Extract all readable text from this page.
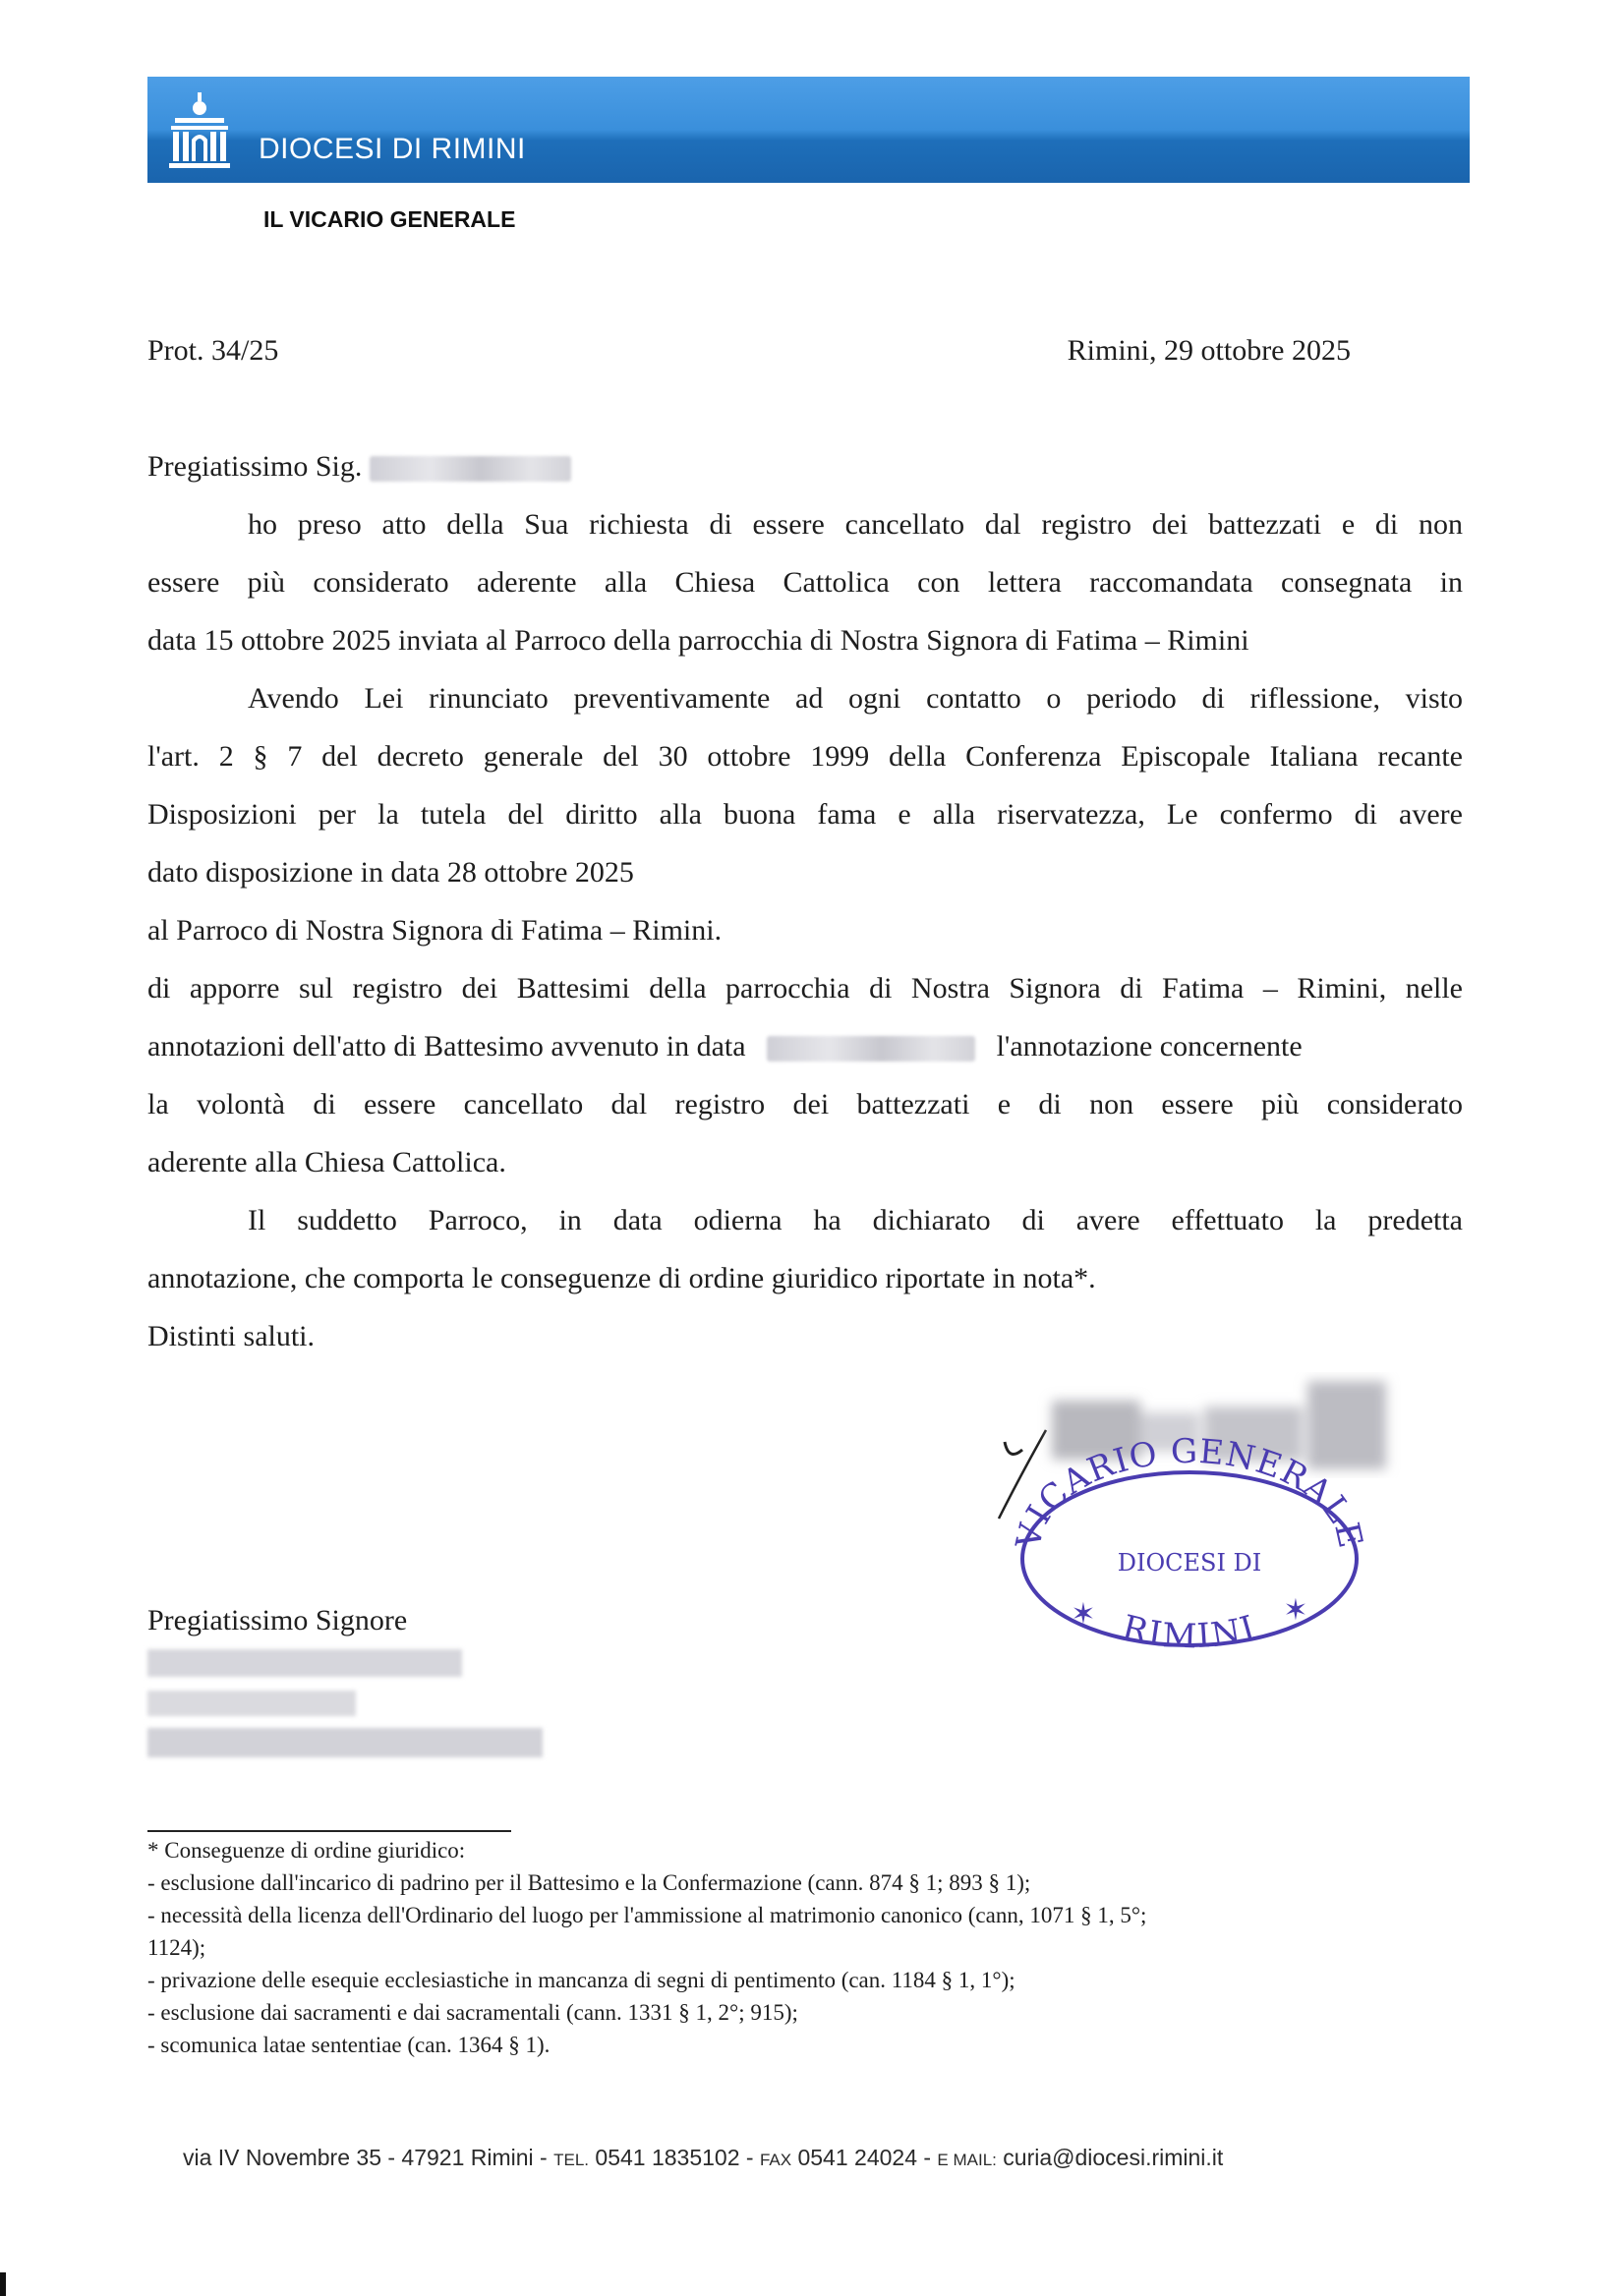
DIOCESI DI RIMINI
IL VICARIO GENERALE
Prot. 34/25	Rimini, 29 ottobre 2025
Pregiatissimo Sig.
ho preso atto della Sua richiesta di essere cancellato dal registro dei battezzati e di non
essere più considerato aderente alla Chiesa Cattolica con lettera raccomandata consegnata in
data 15 ottobre 2025 inviata al Parroco della parrocchia di Nostra Signora di Fatima – Rimini
Avendo Lei rinunciato preventivamente ad ogni contatto o periodo di riflessione, visto
l'art. 2 § 7 del decreto generale del 30 ottobre 1999 della Conferenza Episcopale Italiana recante
Disposizioni per la tutela del diritto alla buona fama e alla riservatezza, Le confermo di avere
dato disposizione in data 28 ottobre 2025
al Parroco di Nostra Signora di Fatima – Rimini.
di apporre sul registro dei Battesimi della parrocchia di Nostra Signora di Fatima – Rimini, nelle
annotazioni dell'atto di Battesimo avvenuto in data	l'annotazione concernente
la volontà di essere cancellato dal registro dei battezzati e di non essere più considerato
aderente alla Chiesa Cattolica.
Il suddetto Parroco, in data odierna ha dichiarato di avere effettuato la predetta
annotazione, che comporta le conseguenze di ordine giuridico riportate in nota*.
Distinti saluti.
VICARIO GENERALE
DIOCESI DI
RIMINI
✶	✶
Pregiatissimo Signore
* Conseguenze di ordine giuridico:
- esclusione dall'incarico di padrino per il Battesimo e la Confermazione (cann. 874 § 1; 893 § 1);
- necessità della licenza dell'Ordinario del luogo per l'ammissione al matrimonio canonico (cann, 1071 § 1, 5°;
1124);
- privazione delle esequie ecclesiastiche in mancanza di segni di pentimento (can. 1184 § 1, 1°);
- esclusione dai sacramenti e dai sacramentali (cann. 1331 § 1, 2°; 915);
- scomunica latae sententiae (can. 1364 § 1).
via IV Novembre 35 - 47921 Rimini - TEL. 0541 1835102 - FAX 0541 24024 - E MAIL: curia@diocesi.rimini.it
